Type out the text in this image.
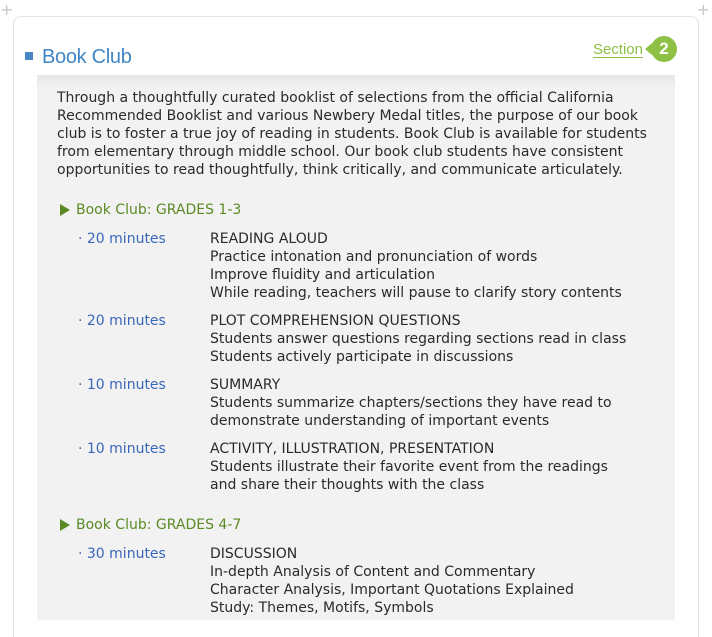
+	+
Book Club	Section 2

Through a thoughtfully curated booklist of selections from the official California Recommended Booklist and various Newbery Medal titles, the purpose of our book club is to foster a true joy of reading in students. Book Club is available for students from elementary through middle school. Our book club students have consistent opportunities to read thoughtfully, think critically, and communicate articulately.

Book Club: GRADES 1-3
· 20 minutes	READING ALOUD
Practice intonation and pronunciation of words
Improve fluidity and articulation
While reading, teachers will pause to clarify story contents
· 20 minutes	PLOT COMPREHENSION QUESTIONS
Students answer questions regarding sections read in class
Students actively participate in discussions
· 10 minutes	SUMMARY
Students summarize chapters/sections they have read to
demonstrate understanding of important events
· 10 minutes	ACTIVITY, ILLUSTRATION, PRESENTATION
Students illustrate their favorite event from the readings
and share their thoughts with the class
Book Club: GRADES 4-7
· 30 minutes	DISCUSSION
In-depth Analysis of Content and Commentary
Character Analysis, Important Quotations Explained
Study: Themes, Motifs, Symbols
